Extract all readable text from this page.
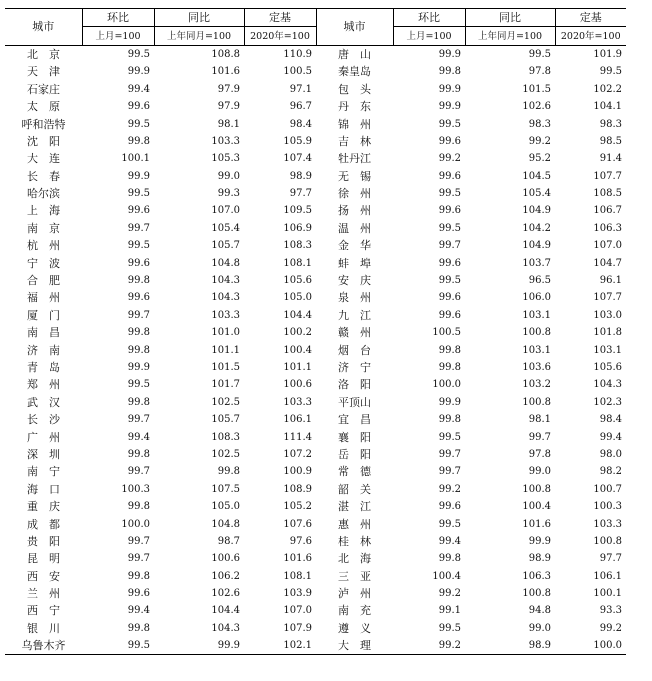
城市	环比	同比	定基	城市	环比	同比	定基
	上月=100	上年同月=100	2020年=100		上月=100	上年同月=100	2020年=100
北　京	99.5	108.8	110.9	唐　山	99.9	99.5	101.9
天　津	99.9	101.6	100.5	秦皇岛	99.8	97.8	99.5
石家庄	99.4	97.9	97.1	包　头	99.9	101.5	102.2
太　原	99.6	97.9	96.7	丹　东	99.9	102.6	104.1
呼和浩特	99.5	98.1	98.4	锦　州	99.5	98.3	98.3
沈　阳	99.8	103.3	105.9	吉　林	99.6	99.2	98.5
大　连	100.1	105.3	107.4	牡丹江	99.2	95.2	91.4
长　春	99.9	99.0	98.9	无　锡	99.6	104.5	107.7
哈尔滨	99.5	99.3	97.7	徐　州	99.5	105.4	108.5
上　海	99.6	107.0	109.5	扬　州	99.6	104.9	106.7
南　京	99.7	105.4	106.9	温　州	99.5	104.2	106.3
杭　州	99.5	105.7	108.3	金　华	99.7	104.9	107.0
宁　波	99.6	104.8	108.1	蚌　埠	99.6	103.7	104.7
合　肥	99.8	104.3	105.6	安　庆	99.5	96.5	96.1
福　州	99.6	104.3	105.0	泉　州	99.6	106.0	107.7
厦　门	99.7	103.3	104.4	九　江	99.6	103.1	103.0
南　昌	99.8	101.0	100.2	赣　州	100.5	100.8	101.8
济　南	99.8	101.1	100.4	烟　台	99.8	103.1	103.1
青　岛	99.9	101.5	101.1	济　宁	99.8	103.6	105.6
郑　州	99.5	101.7	100.6	洛　阳	100.0	103.2	104.3
武　汉	99.8	102.5	103.3	平顶山	99.9	100.8	102.3
长　沙	99.7	105.7	106.1	宜　昌	99.8	98.1	98.4
广　州	99.4	108.3	111.4	襄　阳	99.5	99.7	99.4
深　圳	99.8	102.5	107.2	岳　阳	99.7	97.8	98.0
南　宁	99.7	99.8	100.9	常　德	99.7	99.0	98.2
海　口	100.3	107.5	108.9	韶　关	99.2	100.8	100.7
重　庆	99.8	105.0	105.2	湛　江	99.6	100.4	100.3
成　都	100.0	104.8	107.6	惠　州	99.5	101.6	103.3
贵　阳	99.7	98.7	97.6	桂　林	99.4	99.9	100.8
昆　明	99.7	100.6	101.6	北　海	99.8	98.9	97.7
西　安	99.8	106.2	108.1	三　亚	100.4	106.3	106.1
兰　州	99.6	102.6	103.9	泸　州	99.2	100.8	100.1
西　宁	99.4	104.4	107.0	南　充	99.1	94.8	93.3
银　川	99.8	104.3	107.9	遵　义	99.5	99.0	99.2
乌鲁木齐	99.5	99.9	102.1	大　理	99.2	98.9	100.0
